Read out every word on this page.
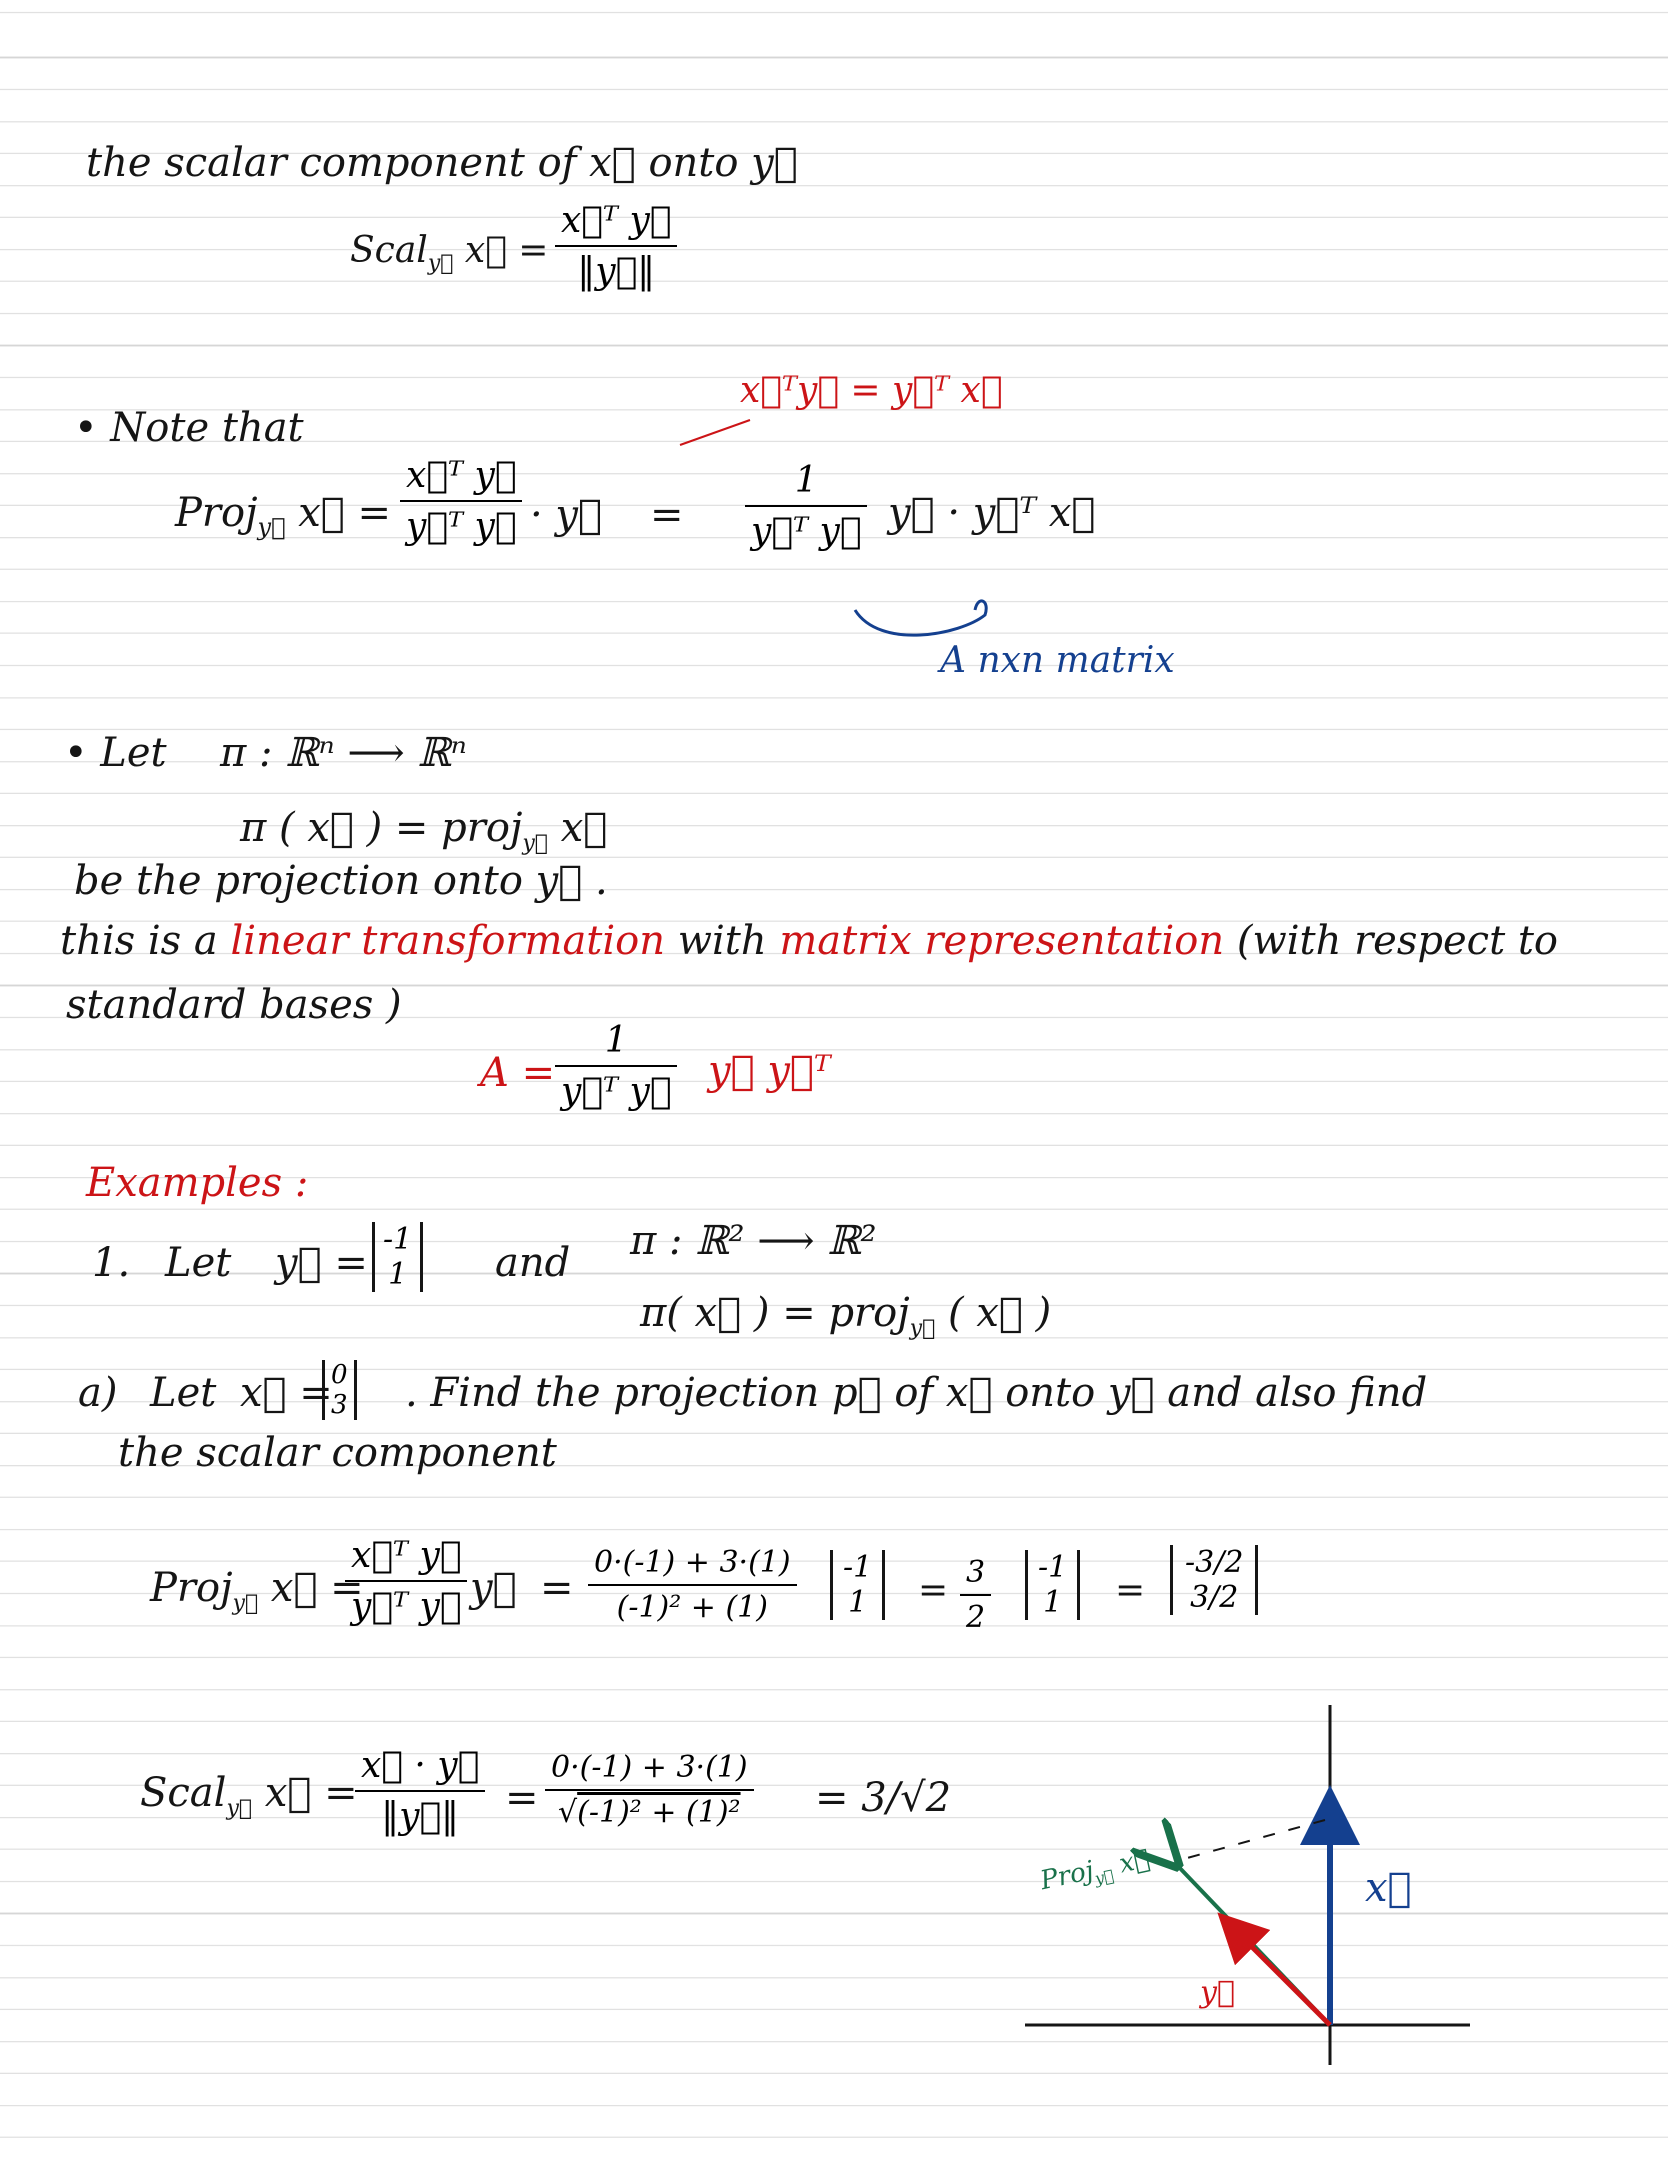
the scalar component of x⃗ onto y⃗
Scal$_{y⃗}$ x⃗ =
x⃗ᵀ y⃗
‖y⃗‖
• Note that
x⃗ᵀy⃗ = y⃗ᵀ x⃗
Proj$_{y⃗}$ x⃗ =
x⃗ᵀ y⃗
y⃗ᵀ y⃗ · y⃗ =
1
y⃗ᵀ y⃗ y⃗ · y⃗ᵀ x⃗
A nxn matrix
• Let π : ℝⁿ ⟶ ℝⁿ
π ( x⃗ ) = proj$_{y⃗}$ x⃗
be the projection onto y⃗ .
this is a linear transformation with matrix representation (with respect to
standard bases )
A =
1
y⃗ᵀ y⃗ y⃗ y⃗ᵀ
Examples :
1. Let y⃗ =
-1
1 and π : ℝ² ⟶ ℝ²
π( x⃗ ) = proj$_{y⃗}$ ( x⃗ )
a) Let x⃗ =
0
3 . Find the projection p⃗ of x⃗ onto y⃗ and also find
the scalar component
Proj$_{y⃗}$ x⃗ =
x⃗ᵀ y⃗
y⃗ᵀ y⃗ y⃗ =
0·(-1) + 3·(1)
(-1)² + (1)
-1
1 = 3
2
-1
1 =
-3/2
3/2
Scal$_{y⃗}$ x⃗ =
x⃗ · y⃗
‖y⃗‖ =
0·(-1) + 3·(1)
√(-1)² + (1)² = 3/√2
Proj$_{y⃗}$ x⃗
x⃗
y⃗
